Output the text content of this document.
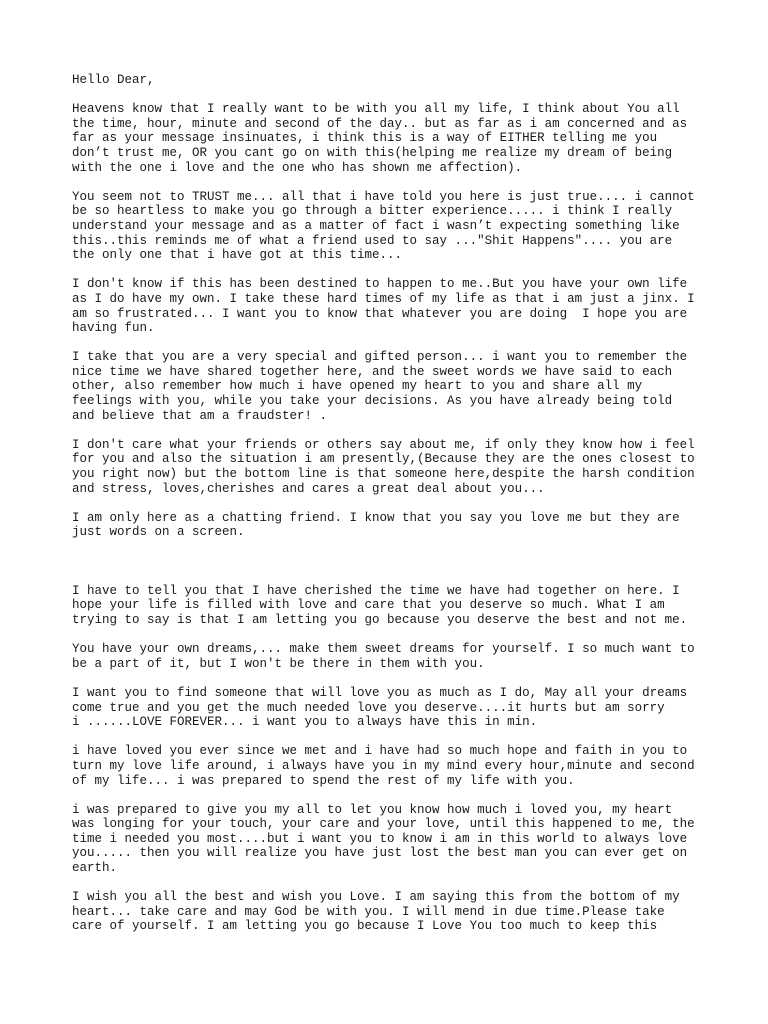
Hello Dear,
Heavens know that I really want to be with you all my life, I think about You all
the time, hour, minute and second of the day.. but as far as i am concerned and as
far as your message insinuates, i think this is a way of EITHER telling me you
don’t trust me, OR you cant go on with this(helping me realize my dream of being
with the one i love and the one who has shown me affection).
You seem not to TRUST me... all that i have told you here is just true.... i cannot
be so heartless to make you go through a bitter experience..... i think I really
understand your message and as a matter of fact i wasn’t expecting something like
this..this reminds me of what a friend used to say ..."Shit Happens".... you are
the only one that i have got at this time...
I don't know if this has been destined to happen to me..But you have your own life
as I do have my own. I take these hard times of my life as that i am just a jinx. I
am so frustrated... I want you to know that whatever you are doing  I hope you are
having fun.
I take that you are a very special and gifted person... i want you to remember the
nice time we have shared together here, and the sweet words we have said to each
other, also remember how much i have opened my heart to you and share all my
feelings with you, while you take your decisions. As you have already being told
and believe that am a fraudster! .
I don't care what your friends or others say about me, if only they know how i feel
for you and also the situation i am presently,(Because they are the ones closest to
you right now) but the bottom line is that someone here,despite the harsh condition
and stress, loves,cherishes and cares a great deal about you...
I am only here as a chatting friend. I know that you say you love me but they are
just words on a screen.
I have to tell you that I have cherished the time we have had together on here. I
hope your life is filled with love and care that you deserve so much. What I am
trying to say is that I am letting you go because you deserve the best and not me.
You have your own dreams,... make them sweet dreams for yourself. I so much want to
be a part of it, but I won't be there in them with you.
I want you to find someone that will love you as much as I do, May all your dreams
come true and you get the much needed love you deserve....it hurts but am sorry
i ......LOVE FOREVER... i want you to always have this in min.
i have loved you ever since we met and i have had so much hope and faith in you to
turn my love life around, i always have you in my mind every hour,minute and second
of my life... i was prepared to spend the rest of my life with you.
i was prepared to give you my all to let you know how much i loved you, my heart
was longing for your touch, your care and your love, until this happened to me, the
time i needed you most....but i want you to know i am in this world to always love
you..... then you will realize you have just lost the best man you can ever get on
earth.
I wish you all the best and wish you Love. I am saying this from the bottom of my
heart... take care and may God be with you. I will mend in due time.Please take
care of yourself. I am letting you go because I Love You too much to keep this
